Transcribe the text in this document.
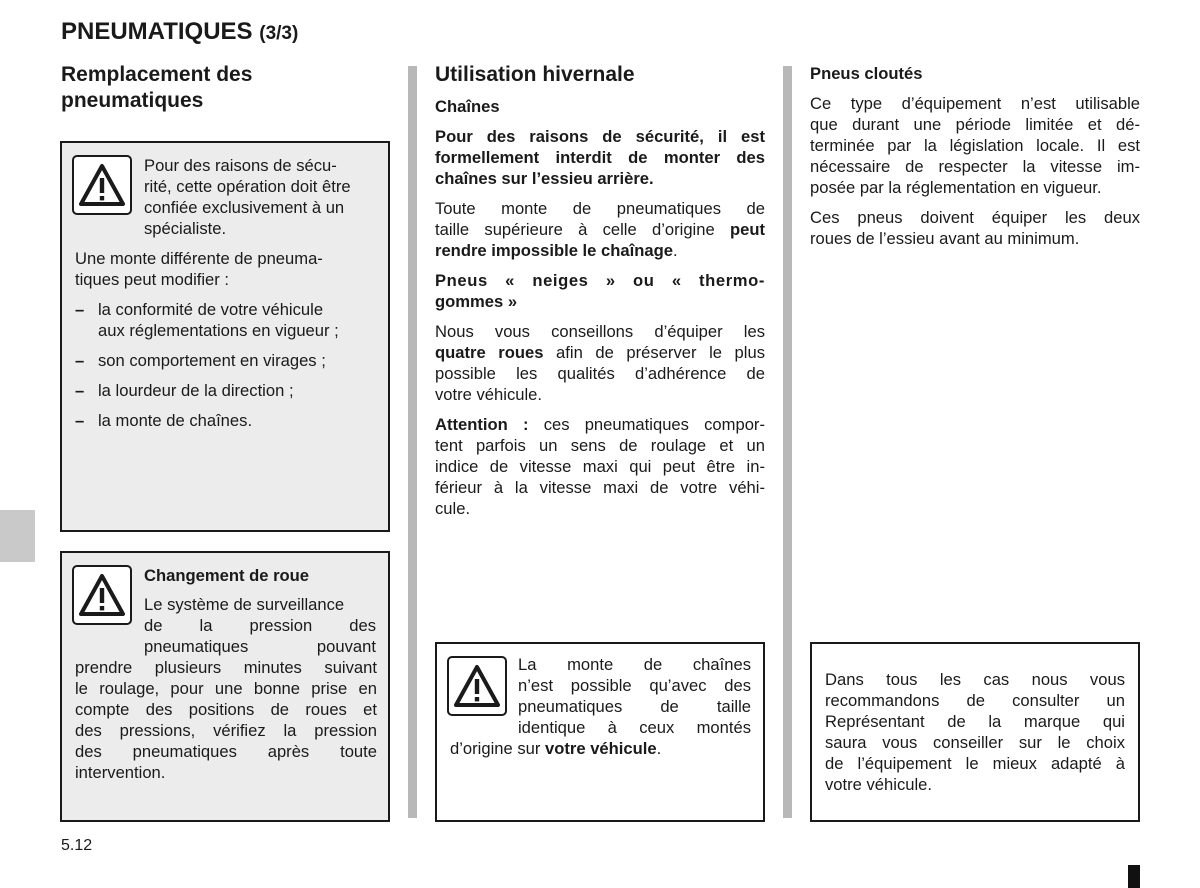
PNEUMATIQUES (3/3)
Remplacement des
pneumatiques
Pour des raisons de sécu-
rité, cette opération doit être
confiée exclusivement à un
spécialiste.
Une monte différente de pneuma-
tiques peut modifier :
– la conformité de votre véhicule
aux réglementations en vigueur ;
– son comportement en virages ;
– la lourdeur de la direction ;
– la monte de chaînes.
Changement de roue
Le système de surveillance
de la pression des
pneumatiques pouvant
prendre plusieurs minutes suivant
le roulage, pour une bonne prise en
compte des positions de roues et
des pressions, vérifiez la pression
des pneumatiques après toute
intervention.
Utilisation hivernale

Chaînes

Pour des raisons de sécurité, il est
formellement interdit de monter des
chaînes sur l’essieu arrière.
Toute monte de pneumatiques de
taille supérieure à celle d’origine peut
rendre impossible le chaînage.
Pneus « neiges » ou « thermo-
gommes »
Nous vous conseillons d’équiper les
quatre roues afin de préserver le plus
possible les qualités d’adhérence de
votre véhicule.
Attention : ces pneumatiques compor-
tent parfois un sens de roulage et un
indice de vitesse maxi qui peut être in-
férieur à la vitesse maxi de votre véhi-
cule.
La monte de chaînes
n’est possible qu’avec des
pneumatiques de taille
identique à ceux montés
d’origine sur votre véhicule.

Pneus cloutés

Ce type d’équipement n’est utilisable
que durant une période limitée et dé-
terminée par la législation locale. Il est
nécessaire de respecter la vitesse im-
posée par la réglementation en vigueur.
Ces pneus doivent équiper les deux
roues de l’essieu avant au minimum.
Dans tous les cas nous vous
recommandons de consulter un
Représentant de la marque qui
saura vous conseiller sur le choix
de l’équipement le mieux adapté à
votre véhicule.
5.12
